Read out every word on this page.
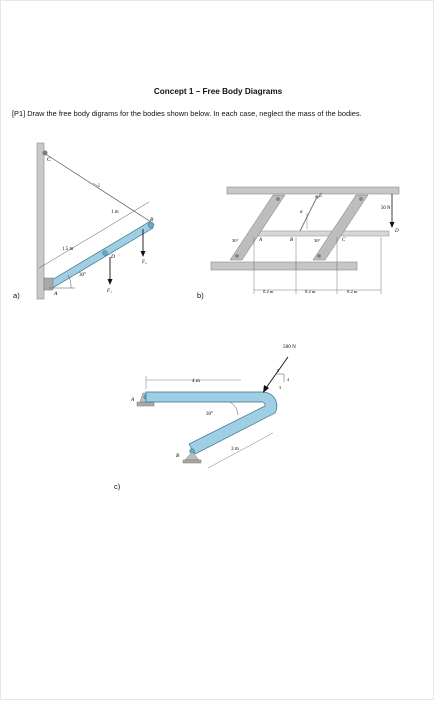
Concept 1 – Free Body Diagrams
[P1] Draw the free body digrams for the bodies shown below. In each case, neglect the mass of the bodies.
C
A
D
B
1 m
1.5 m
30°
F₁
F₂
a)
50 N
E
D
A	B	C
30°	30°
α
0.2 m	0.2 m	0.2 m
b)
500 N
4 m
3 m
30°
A
B
5
4
3
c)
